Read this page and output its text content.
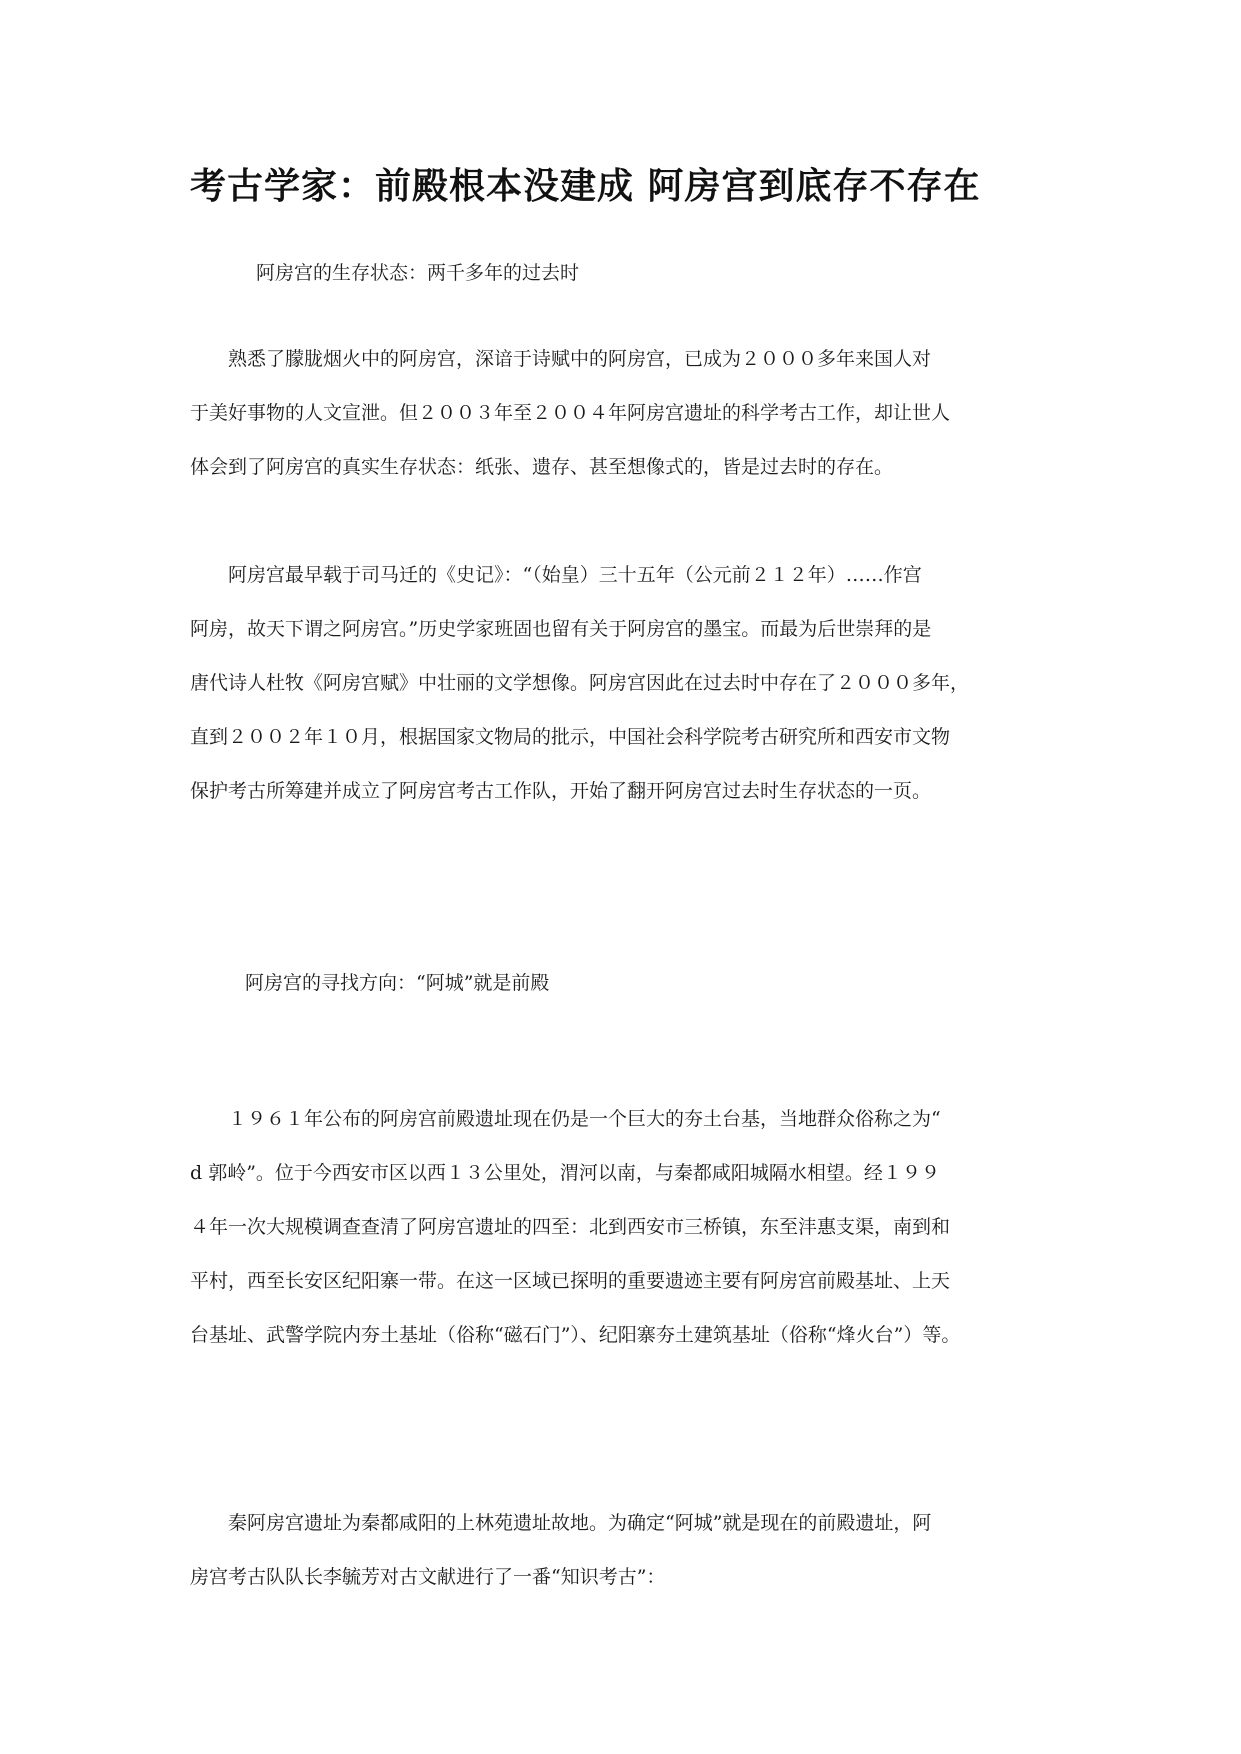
考古学家：前殿根本没建成 阿房宫到底存不存在

阿房宫的生存状态：两千多年的过去时

　　熟悉了朦胧烟火中的阿房宫，深谙于诗赋中的阿房宫，已成为２０００多年来国人对
于美好事物的人文宣泄。但２００３年至２００４年阿房宫遗址的科学考古工作，却让世人
体会到了阿房宫的真实生存状态：纸张、遗存、甚至想像式的，皆是过去时的存在。

　　阿房宫最早载于司马迁的《史记》：“（始皇）三十五年（公元前２１２年）……作宫
阿房，故天下谓之阿房宫。”历史学家班固也留有关于阿房宫的墨宝。而最为后世崇拜的是
唐代诗人杜牧《阿房宫赋》中壮丽的文学想像。阿房宫因此在过去时中存在了２０００多年，
直到２００２年１０月，根据国家文物局的批示，中国社会科学院考古研究所和西安市文物
保护考古所筹建并成立了阿房宫考古工作队，开始了翻开阿房宫过去时生存状态的一页。

阿房宫的寻找方向：“阿城”就是前殿

　　１９６１年公布的阿房宫前殿遗址现在仍是一个巨大的夯土台基，当地群众俗称之为“
d 郭岭”。位于今西安市区以西１３公里处，渭河以南，与秦都咸阳城隔水相望。经１９９
４年一次大规模调查查清了阿房宫遗址的四至：北到西安市三桥镇，东至沣惠支渠，南到和
平村，西至长安区纪阳寨一带。在这一区域已探明的重要遗迹主要有阿房宫前殿基址、上天
台基址、武警学院内夯土基址（俗称“磁石门”）、纪阳寨夯土建筑基址（俗称“烽火台”）等。

　　秦阿房宫遗址为秦都咸阳的上林苑遗址故地。为确定“阿城”就是现在的前殿遗址，阿
房宫考古队队长李毓芳对古文献进行了一番“知识考古”：
